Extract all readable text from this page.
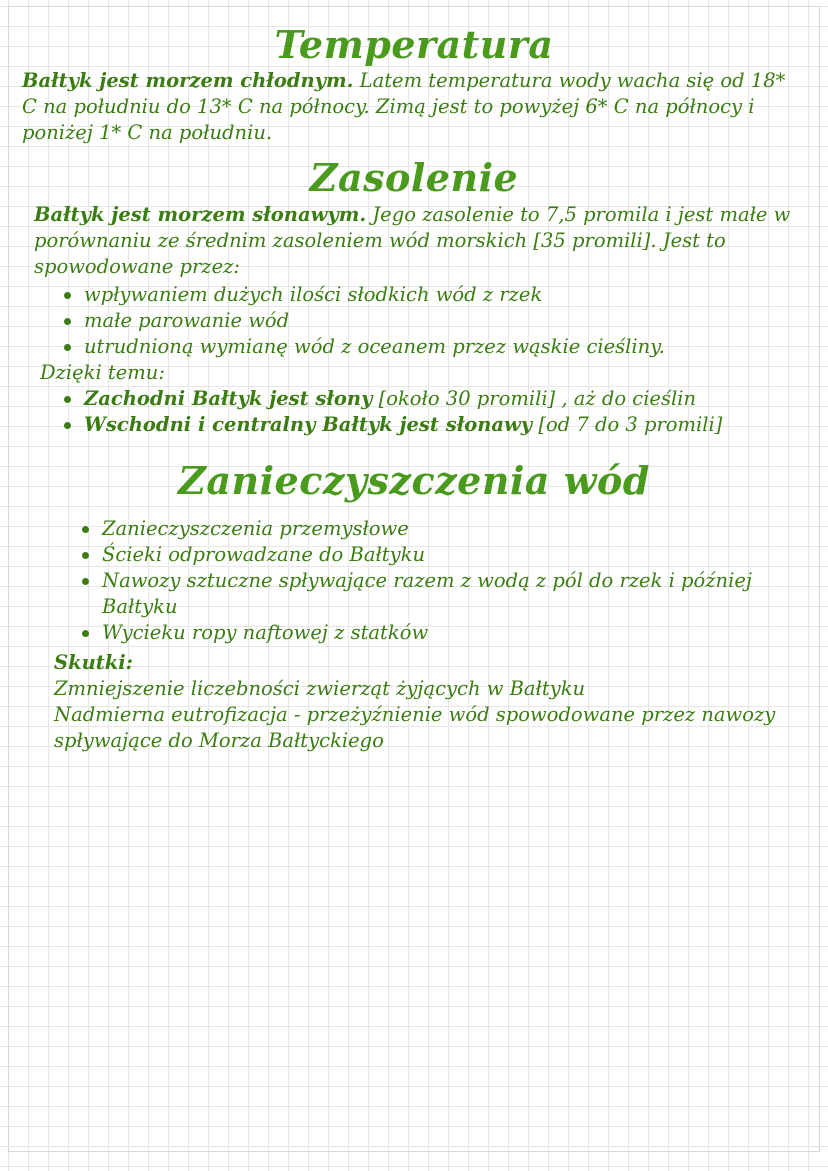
Temperatura

Bałtyk jest morzem chłodnym. Latem temperatura wody wacha się od 18* C na południu do 13* C na północy. Zimą jest to powyżej 6* C na północy i poniżej 1* C na południu.

Zasolenie

Bałtyk jest morzem słonawym. Jego zasolenie to 7,5 promila i jest małe w porównaniu ze średnim zasoleniem wód morskich [35 promili]. Jest to spowodowane przez:

wpływaniem dużych ilości słodkich wód z rzek
małe parowanie wód
utrudnioną wymianę wód z oceanem przez wąskie cieśliny.

Dzięki temu:

Zachodni Bałtyk jest słony [około 30 promili] , aż do cieślin
Wschodni i centralny Bałtyk jest słonawy [od 7 do 3 promili]
Zanieczyszczenia wód
Zanieczyszczenia przemysłowe
Ścieki odprowadzane do Bałtyku
Nawozy sztuczne spływające razem z wodą z pól do rzek i później Bałtyku
Wycieku ropy naftowej z statków

Skutki:

Zmniejszenie liczebności zwierząt żyjących w Bałtyku
Nadmierna eutrofizacja - przeżyźnienie wód spowodowane przez nawozy spływające do Morza Bałtyckiego
